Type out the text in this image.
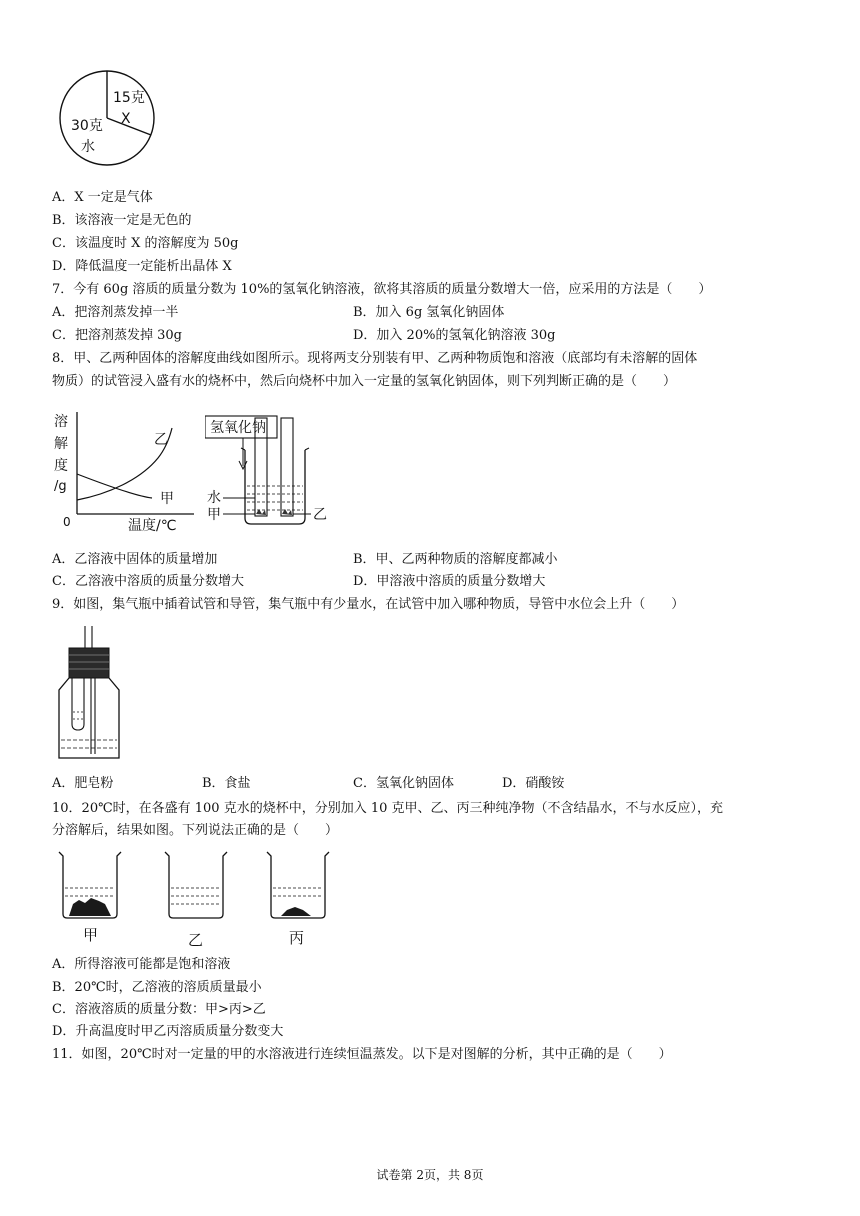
15克
X
30克
水
A．X 一定是气体
B．该溶液一定是无色的
C．该温度时 X 的溶解度为 50g
D．降低温度一定能析出晶体 X
7．今有 60g 溶质的质量分数为 10%的氢氧化钠溶液，欲将其溶质的质量分数增大一倍，应采用的方法是（　　）
A．把溶剂蒸发掉一半	B．加入 6g 氢氧化钠固体
C．把溶剂蒸发掉 30g	D．加入 20%的氢氧化钠溶液 30g
8．甲、乙两种固体的溶解度曲线如图所示。现将两支分别装有甲、乙两种物质饱和溶液（底部均有未溶解的固体
物质）的试管浸入盛有水的烧杯中，然后向烧杯中加入一定量的氢氧化钠固体，则下列判断正确的是（　　）
溶
解
度
/g
0	温度/℃
甲
乙
氢氧化钠
水
甲	乙
A．乙溶液中固体的质量增加	B．甲、乙两种物质的溶解度都减小
C．乙溶液中溶质的质量分数增大	D．甲溶液中溶质的质量分数增大
9．如图，集气瓶中插着试管和导管，集气瓶中有少量水，在试管中加入哪种物质，导管中水位会上升（　　）
A．肥皂粉	B．食盐	C．氢氧化钠固体	D．硝酸铵
10．20℃时，在各盛有 100 克水的烧杯中，分别加入 10 克甲、乙、丙三种纯净物（不含结晶水，不与水反应），充
分溶解后，结果如图。下列说法正确的是（　　）
甲	乙	丙
A．所得溶液可能都是饱和溶液
B．20℃时，乙溶液的溶质质量最小
C．溶液溶质的质量分数：甲>丙>乙
D．升高温度时甲乙丙溶质质量分数变大
11．如图，20℃时对一定量的甲的水溶液进行连续恒温蒸发。以下是对图解的分析，其中正确的是（　　）
试卷第 2页，共 8页
